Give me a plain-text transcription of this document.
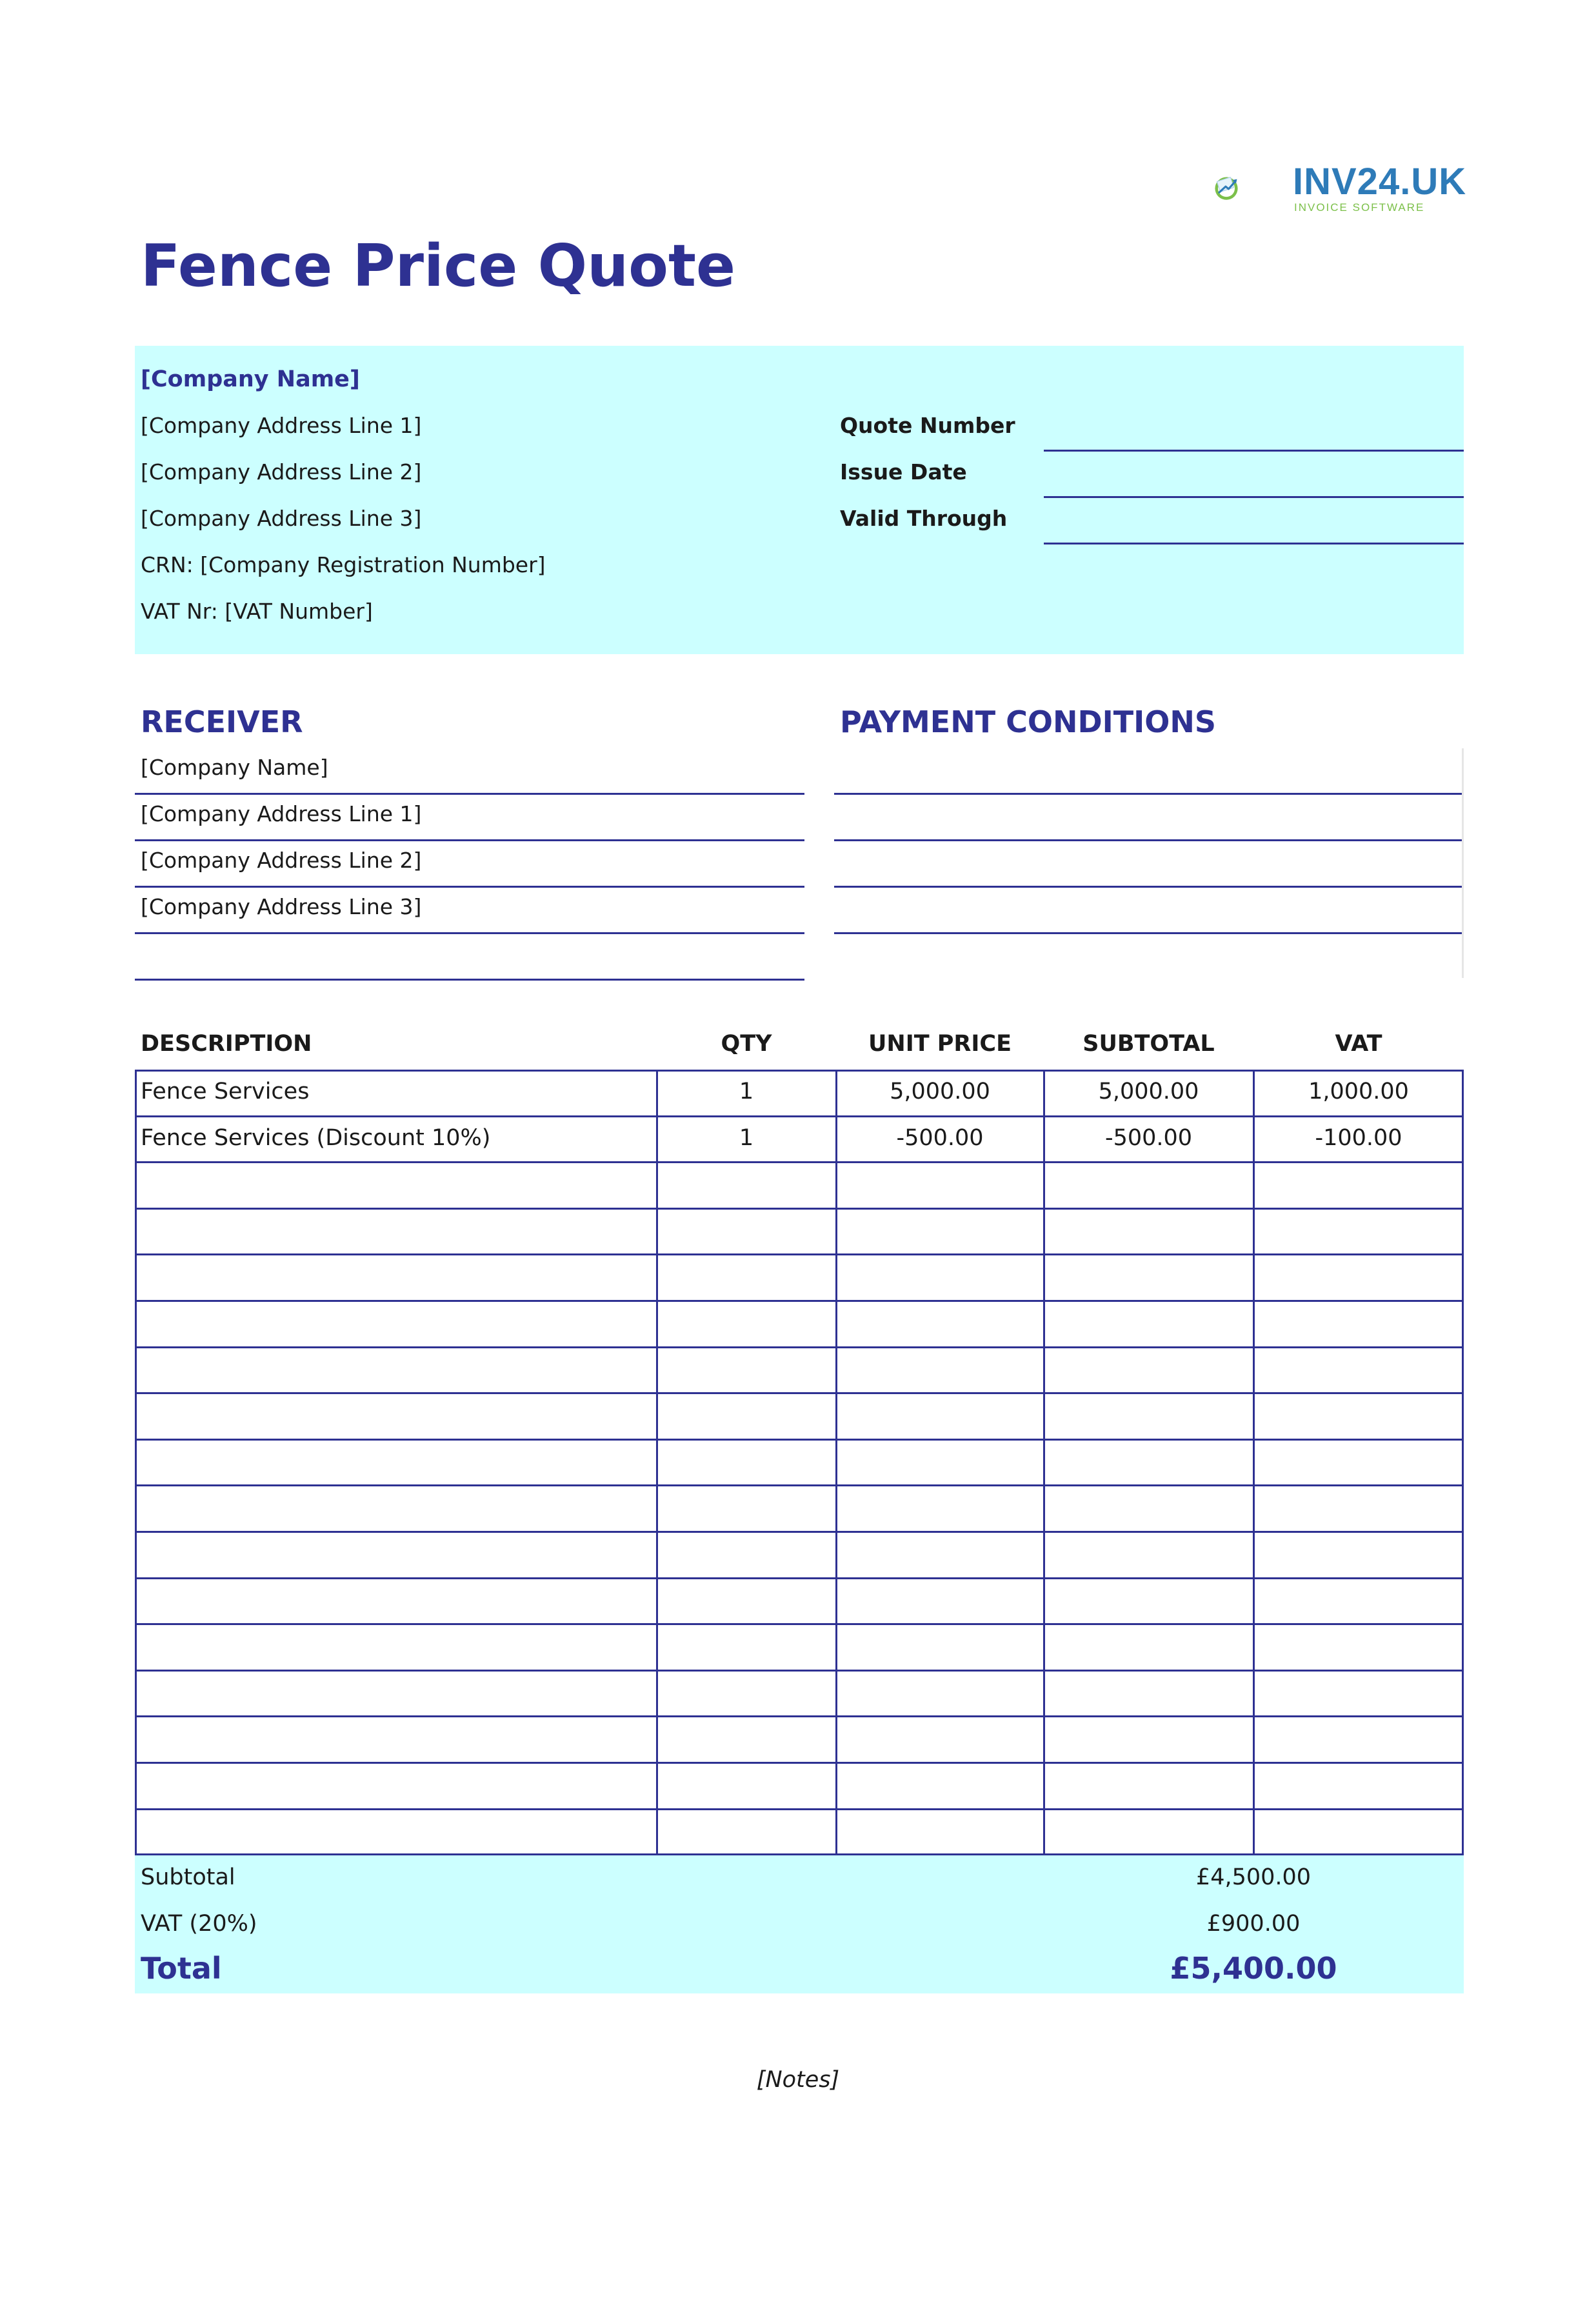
INV24.UK
INVOICE SOFTWARE
Fence Price Quote
[Company Name]
[Company Address Line 1]
[Company Address Line 2]
[Company Address Line 3]
CRN: [Company Registration Number]
VAT Nr: [VAT Number]
Quote Number
Issue Date
Valid Through
RECEIVER
[Company Name]
[Company Address Line 1]
[Company Address Line 2]
[Company Address Line 3]
PAYMENT CONDITIONS
DESCRIPTION	QTY	UNIT PRICE	SUBTOTAL	VAT
Fence Services	1	5,000.00	5,000.00	1,000.00
Fence Services (Discount 10%)	1	-500.00	-500.00	-100.00
Subtotal	£4,500.00
VAT (20%)	£900.00
Total	£5,400.00
[Notes]
